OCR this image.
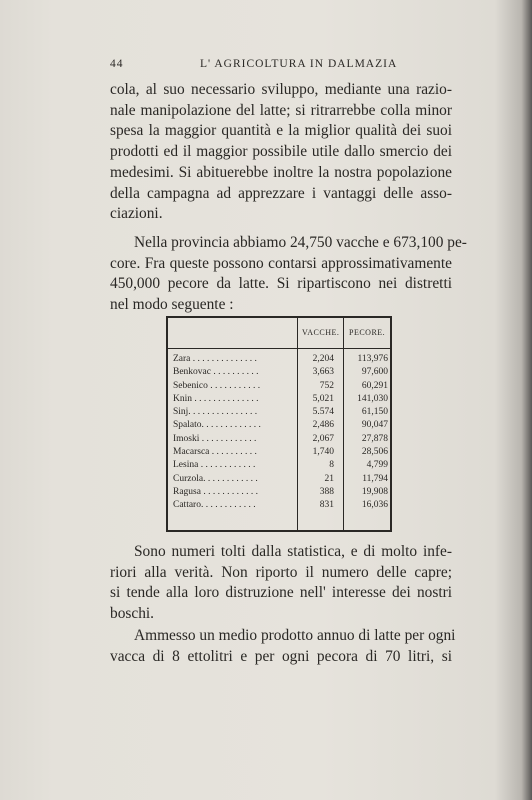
44	L' AGRICOLTURA IN DALMAZIA

cola, al suo necessario sviluppo, mediante una razio-
nale manipolazione del latte; si ritrarrebbe colla minor
spesa la maggior quantità e la miglior qualità dei suoi
prodotti ed il maggior possibile utile dallo smercio dei
medesimi. Si abituerebbe inoltre la nostra popolazione
della campagna ad apprezzare i vantaggi delle asso-
ciazioni.

Nella provincia abbiamo 24,750 vacche e 673,100 pe-
core. Fra queste possono contarsi approssimativamente
450,000 pecore da latte. Si ripartiscono nei distretti
nel modo seguente :

VACCHE. PECORE.
Zara . . . . . . . . . . . . . .	2,204	113,976
Benkovac . . . . . . . . . .	3,663	97,600
Sebenico . . . . . . . . . . .	752	60,291
Knin . . . . . . . . . . . . . .	5,021	141,030
Sinj. . . . . . . . . . . . . . .	5.574	61,150
Spalato. . . . . . . . . . . . .	2,486	90,047
Imoski . . . . . . . . . . . .	2,067	27,878
Macarsca . . . . . . . . . .	1,740	28,506
Lesina . . . . . . . . . . . .	8	4,799
Curzola. . . . . . . . . . . .	21	11,794
Ragusa . . . . . . . . . . . .	388	19,908
Cattaro. . . . . . . . . . . .	831	16,036

Sono numeri tolti dalla statistica, e di molto infe-
riori alla verità. Non riporto il numero delle capre;
si tende alla loro distruzione nell' interesse dei nostri
boschi.

Ammesso un medio prodotto annuo di latte per ogni
vacca di 8 ettolitri e per ogni pecora di 70 litri, si
